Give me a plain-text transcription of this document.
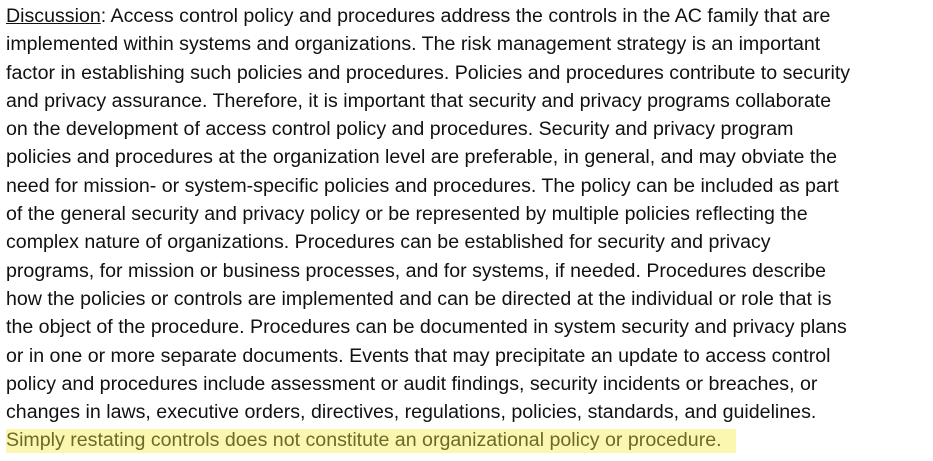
Discussion: Access control policy and procedures address the controls in the AC family that are
implemented within systems and organizations. The risk management strategy is an important
factor in establishing such policies and procedures. Policies and procedures contribute to security
and privacy assurance. Therefore, it is important that security and privacy programs collaborate
on the development of access control policy and procedures. Security and privacy program
policies and procedures at the organization level are preferable, in general, and may obviate the
need for mission- or system-specific policies and procedures. The policy can be included as part
of the general security and privacy policy or be represented by multiple policies reflecting the
complex nature of organizations. Procedures can be established for security and privacy
programs, for mission or business processes, and for systems, if needed. Procedures describe
how the policies or controls are implemented and can be directed at the individual or role that is
the object of the procedure. Procedures can be documented in system security and privacy plans
or in one or more separate documents. Events that may precipitate an update to access control
policy and procedures include assessment or audit findings, security incidents or breaches, or
changes in laws, executive orders, directives, regulations, policies, standards, and guidelines.
Simply restating controls does not constitute an organizational policy or procedure.
